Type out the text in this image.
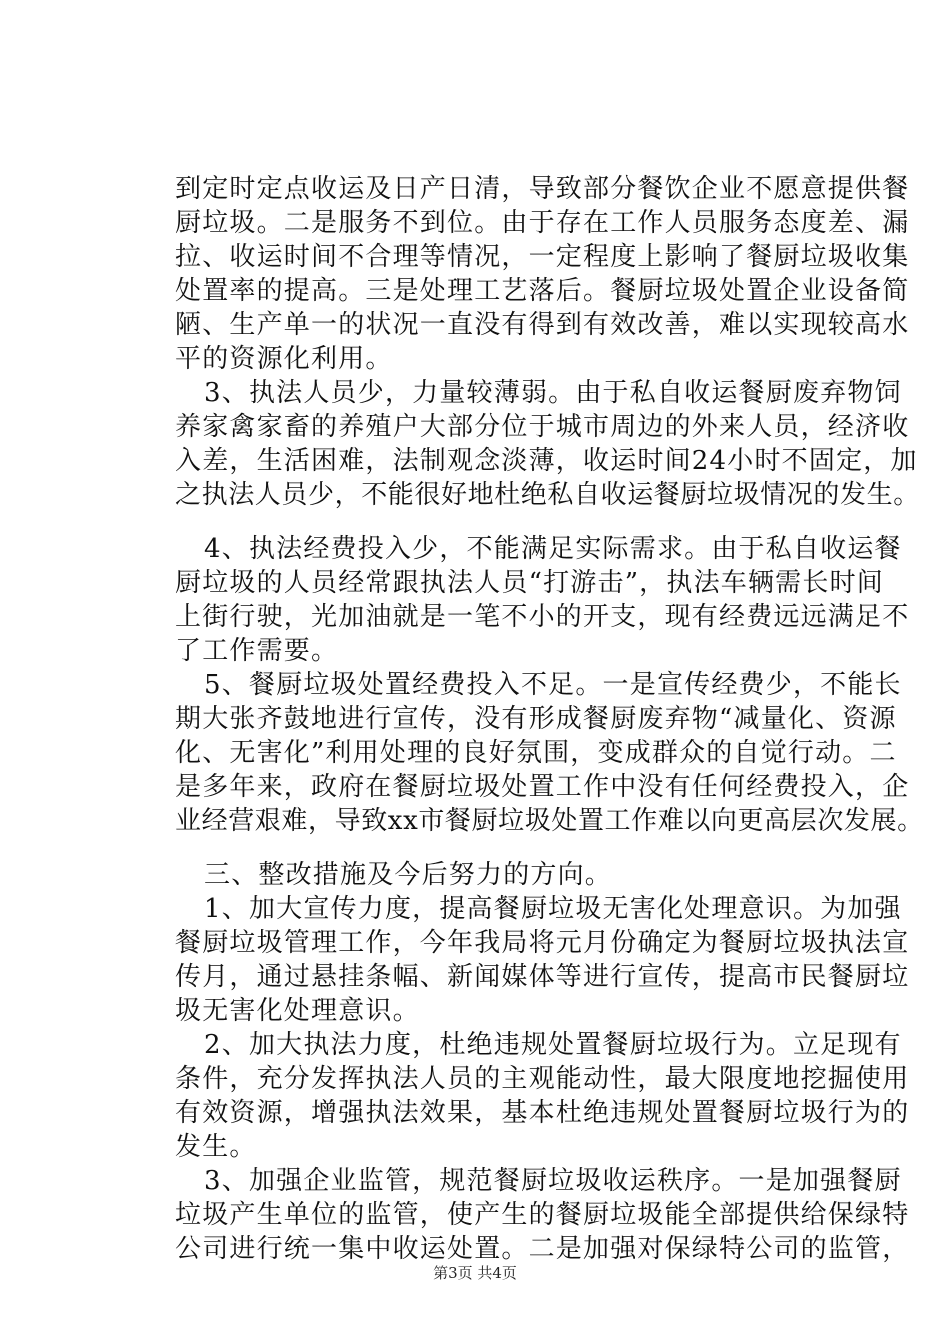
到定时定点收运及日产日清，导致部分餐饮企业不愿意提供餐
厨垃圾。二是服务不到位。由于存在工作人员服务态度差、漏
拉、收运时间不合理等情况，一定程度上影响了餐厨垃圾收集
处置率的提高。三是处理工艺落后。餐厨垃圾处置企业设备简
陋、生产单一的状况一直没有得到有效改善，难以实现较高水
平的资源化利用。
3、执法人员少，力量较薄弱。由于私自收运餐厨废弃物饲
养家禽家畜的养殖户大部分位于城市周边的外来人员，经济收
入差，生活困难，法制观念淡薄，收运时间24小时不固定，加
之执法人员少，不能很好地杜绝私自收运餐厨垃圾情况的发生。
4、执法经费投入少，不能满足实际需求。由于私自收运餐
厨垃圾的人员经常跟执法人员“打游击”，执法车辆需长时间
上街行驶，光加油就是一笔不小的开支，现有经费远远满足不
了工作需要。
5、餐厨垃圾处置经费投入不足。一是宣传经费少，不能长
期大张齐鼓地进行宣传，没有形成餐厨废弃物“减量化、资源
化、无害化”利用处理的良好氛围，变成群众的自觉行动。二
是多年来，政府在餐厨垃圾处置工作中没有任何经费投入，企
业经营艰难，导致xx市餐厨垃圾处置工作难以向更高层次发展。
三、整改措施及今后努力的方向。
1、加大宣传力度，提高餐厨垃圾无害化处理意识。为加强
餐厨垃圾管理工作，今年我局将元月份确定为餐厨垃圾执法宣
传月，通过悬挂条幅、新闻媒体等进行宣传，提高市民餐厨垃
圾无害化处理意识。
2、加大执法力度，杜绝违规处置餐厨垃圾行为。立足现有
条件，充分发挥执法人员的主观能动性，最大限度地挖掘使用
有效资源，增强执法效果，基本杜绝违规处置餐厨垃圾行为的
发生。
3、加强企业监管，规范餐厨垃圾收运秩序。一是加强餐厨
垃圾产生单位的监管，使产生的餐厨垃圾能全部提供给保绿特
公司进行统一集中收运处置。二是加强对保绿特公司的监管，
第3页 共4页
